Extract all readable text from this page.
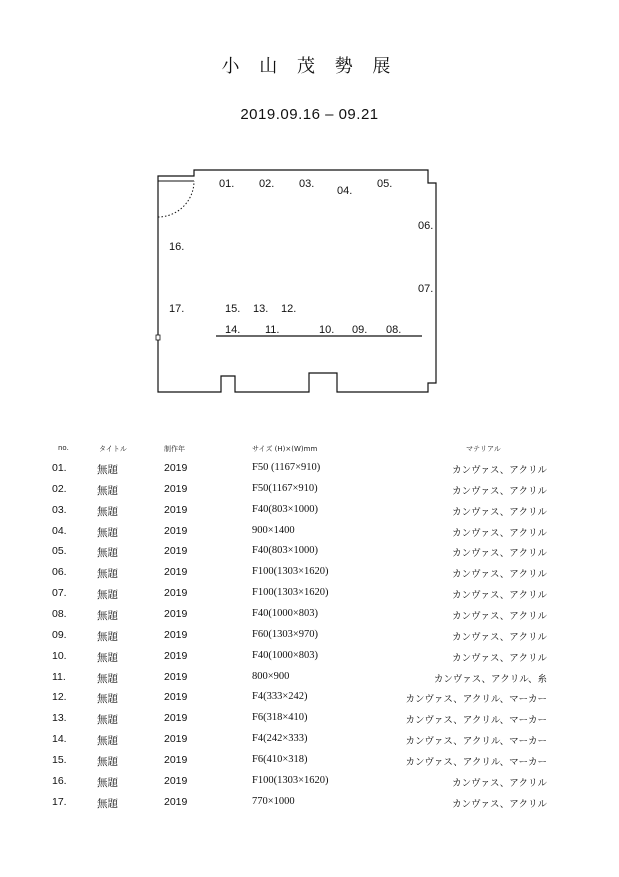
小 山 茂 勢 展
2019.09.16 – 09.21
01. 02. 03.
04.
05.
06.
07.
08.
09.
10.
11.
12.
13.
14.
15.
16.
17.
no.	タイトル	制作年	サイズ (H)×(W)mm	マテリアル
01.	無題	2019	F50 (1167×910)	カンヴァス、アクリル
02.	無題	2019	F50(1167×910)	カンヴァス、アクリル
03.	無題	2019	F40(803×1000)	カンヴァス、アクリル
04.	無題	2019	900×1400	カンヴァス、アクリル
05.	無題	2019	F40(803×1000)	カンヴァス、アクリル
06.	無題	2019	F100(1303×1620)	カンヴァス、アクリル
07.	無題	2019	F100(1303×1620)	カンヴァス、アクリル
08.	無題	2019	F40(1000×803)	カンヴァス、アクリル
09.	無題	2019	F60(1303×970)	カンヴァス、アクリル
10.	無題	2019	F40(1000×803)	カンヴァス、アクリル
11.	無題	2019	800×900	カンヴァス、アクリル、糸
12.	無題	2019	F4(333×242)	カンヴァス、アクリル、マーカー
13.	無題	2019	F6(318×410)	カンヴァス、アクリル、マーカー
14.	無題	2019	F4(242×333)	カンヴァス、アクリル、マーカー
15.	無題	2019	F6(410×318)	カンヴァス、アクリル、マーカー
16.	無題	2019	F100(1303×1620)	カンヴァス、アクリル
17.	無題	2019	770×1000	カンヴァス、アクリル
